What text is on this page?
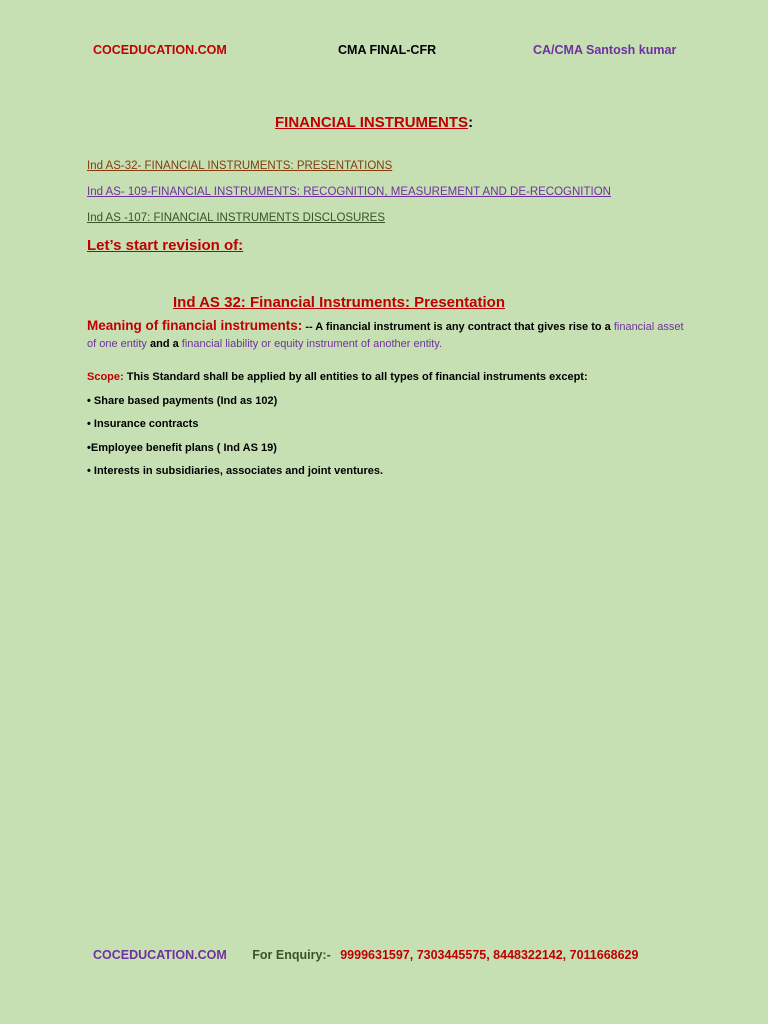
COCEDUCATION.COM	CMA FINAL-CFR	CA/CMA Santosh kumar
FINANCIAL INSTRUMENTS:
Ind AS-32- FINANCIAL INSTRUMENTS: PRESENTATIONS
Ind AS- 109-FINANCIAL INSTRUMENTS: RECOGNITION, MEASUREMENT AND DE-RECOGNITION
Ind AS -107: FINANCIAL INSTRUMENTS DISCLOSURES
Let’s start revision of:
Ind AS 32: Financial Instruments: Presentation
Meaning of financial instruments: -- A financial instrument is any contract that gives rise to a financial asset of one entity and a financial liability or equity instrument of another entity.
Scope: This Standard shall be applied by all entities to all types of financial instruments except:
• Share based payments (Ind as 102)
• Insurance contracts
•Employee benefit plans ( Ind AS 19)
• Interests in subsidiaries, associates and joint ventures.
COCEDUCATION.COM For Enquiry:- 9999631597, 7303445575, 8448322142, 7011668629
